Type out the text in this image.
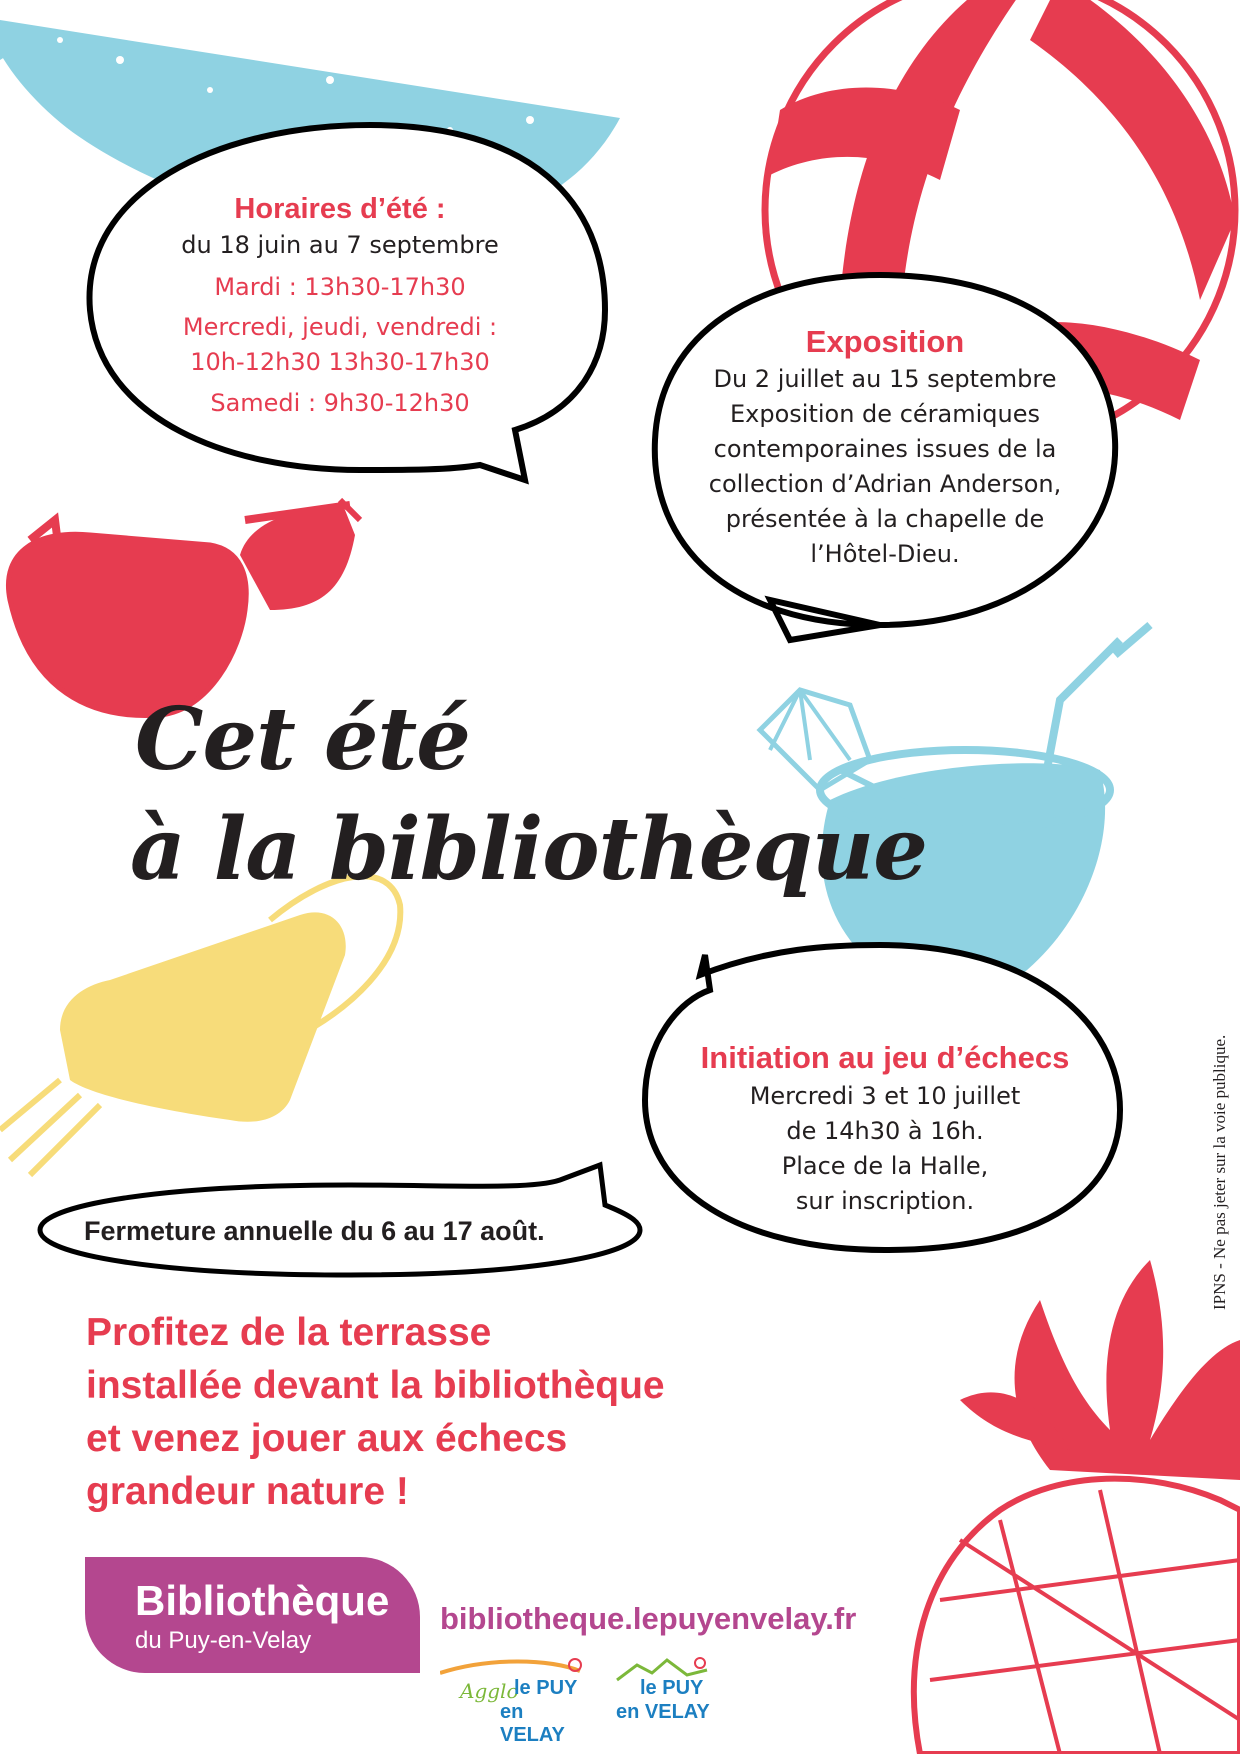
Horaires d’été :
du 18 juin au 7 septembre
Mardi : 13h30-17h30
Mercredi, jeudi, vendredi :
10h-12h30 13h30-17h30
Samedi : 9h30-12h30
Exposition
Du 2 juillet au 15 septembre
Exposition de céramiques
contemporaines issues de la
collection d’Adrian Anderson,
présentée à la chapelle de
l’Hôtel-Dieu.
Cet été
à la bibliothèque
Initiation au jeu d’échecs
Mercredi 3 et 10 juillet
de 14h30 à 16h.
Place de la Halle,
sur inscription.
Fermeture annuelle du 6 au 17 août.
Profitez de la terrasse
installée devant la bibliothèque
et venez jouer aux échecs
grandeur nature !
Bibliothèque
du Puy-en-Velay
bibliotheque.lepuyenvelay.fr
Agglo
le PUY
en VELAY
le PUY
en VELAY
IPNS - Ne pas jeter sur la voie publique.
